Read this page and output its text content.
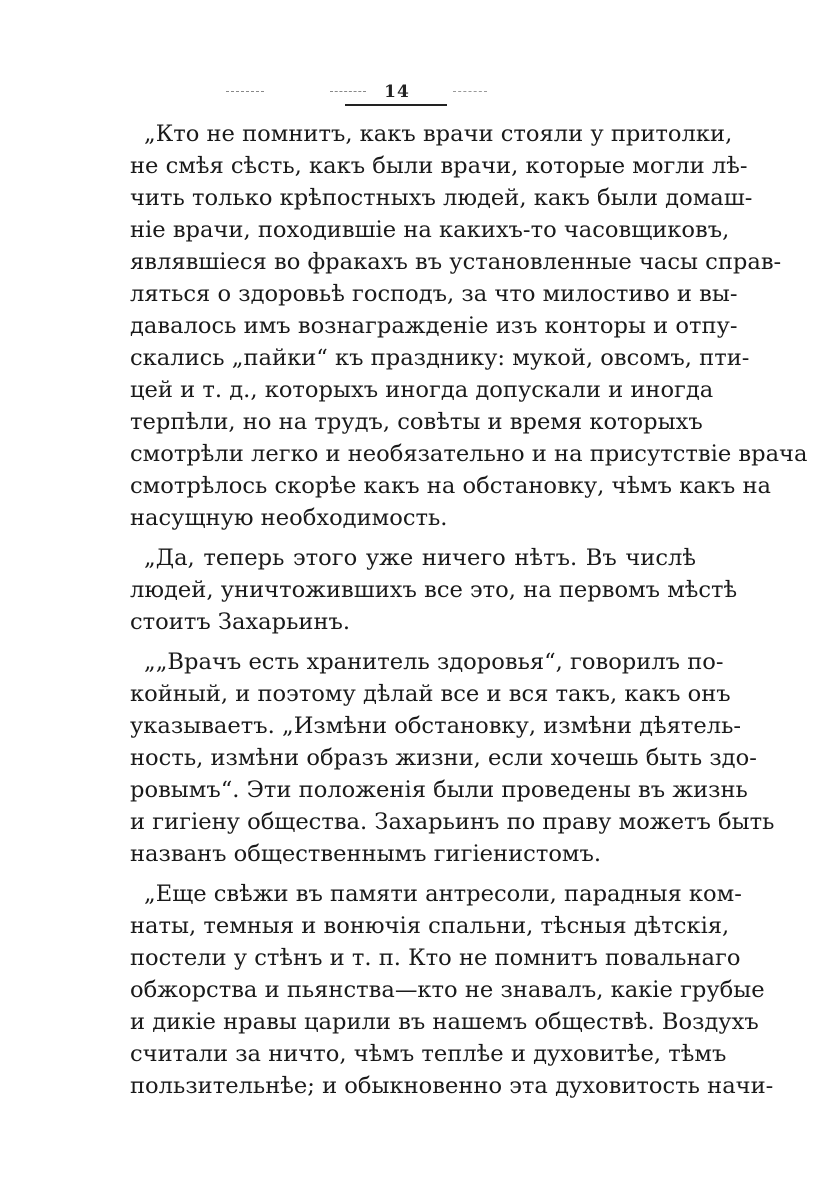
14
„Кто не помнитъ, какъ врачи стояли у притолки,
не смѣя сѣсть, какъ были врачи, которые могли лѣ-
чить только крѣпостныхъ людей, какъ были домаш-
ніе врачи, походившіе на какихъ-то часовщиковъ,
являвшіеся во фракахъ въ установленные часы справ-
ляться о здоровьѣ господъ, за что милостиво и вы-
давалось имъ вознагражденіе изъ конторы и отпу-
скались „пайки“ къ празднику: мукой, овсомъ, пти-
цей и т. д., которыхъ иногда допускали и иногда
терпѣли, но на трудъ, совѣты и время которыхъ
смотрѣли легко и необязательно и на присутствіе врача
смотрѣлось скорѣе какъ на обстановку, чѣмъ какъ на
насущную необходимость.
„Да, теперь этого уже ничего нѣтъ. Въ числѣ
людей, уничтожившихъ все это, на первомъ мѣстѣ
стоитъ Захарьинъ.
„„Врачъ есть хранитель здоровья“, говорилъ по-
койный, и поэтому дѣлай все и вся такъ, какъ онъ
указываетъ. „Измѣни обстановку, измѣни дѣятель-
ность, измѣни образъ жизни, если хочешь быть здо-
ровымъ“. Эти положенія были проведены въ жизнь
и гигіену общества. Захарьинъ по праву можетъ быть
названъ общественнымъ гигіенистомъ.
„Еще свѣжи въ памяти антресоли, парадныя ком-
наты, темныя и вонючія спальни, тѣсныя дѣтскія,
постели у стѣнъ и т. п. Кто не помнитъ повальнаго
обжорства и пьянства—кто не знавалъ, какіе грубые
и дикіе нравы царили въ нашемъ обществѣ. Воздухъ
считали за ничто, чѣмъ теплѣе и духовитѣе, тѣмъ
пользительнѣе; и обыкновенно эта духовитость начи-
